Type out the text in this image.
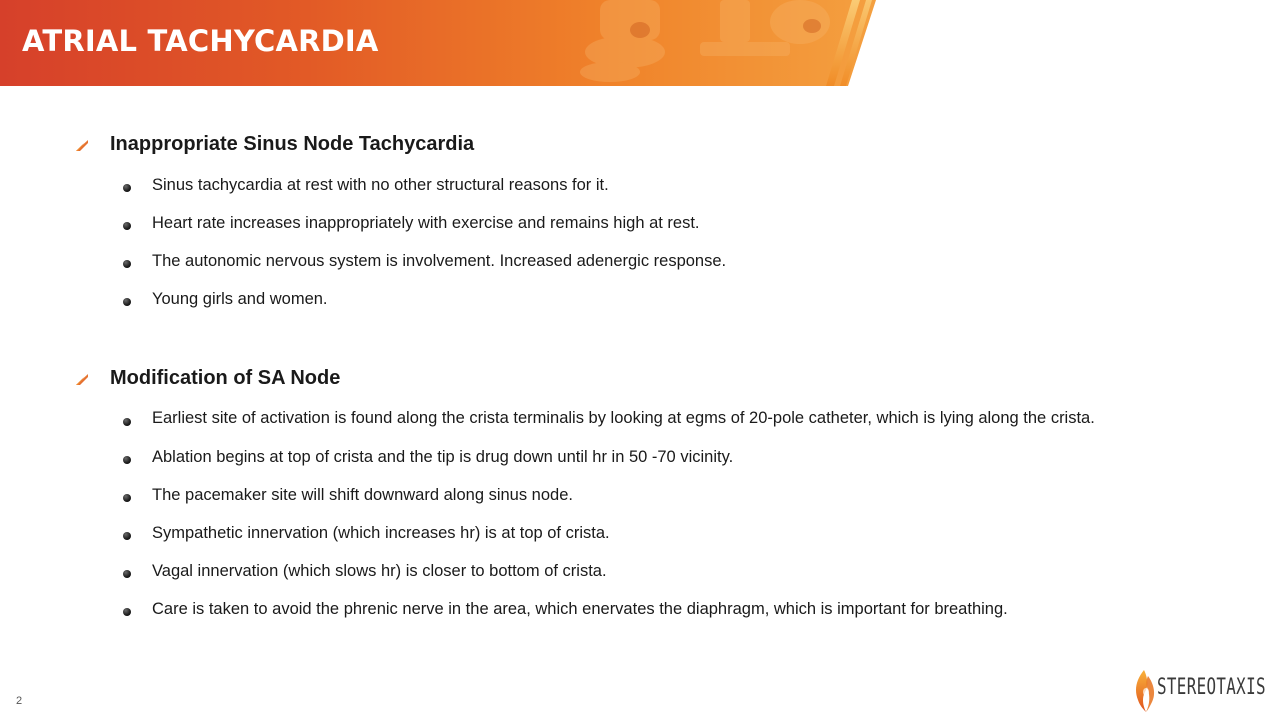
ATRIAL TACHYCARDIA
Inappropriate Sinus Node Tachycardia
Sinus tachycardia at rest with no other structural reasons for it.
Heart rate increases inappropriately with exercise and remains high at rest.
The autonomic nervous system is involvement. Increased adenergic response.
Young girls and women.
Modification of SA Node
Earliest site of activation is found along the crista terminalis by looking at egms of 20-pole catheter, which is lying along the crista.
Ablation begins at top of crista and the tip is drug down until hr in 50 -70 vicinity.
The pacemaker site will shift downward along sinus node.
Sympathetic innervation (which increases hr) is at top of crista.
Vagal innervation (which slows hr) is closer to bottom of crista.
Care is taken to avoid the phrenic nerve in the area, which enervates the diaphragm, which is important for breathing.
2
STEREOTAXIS
